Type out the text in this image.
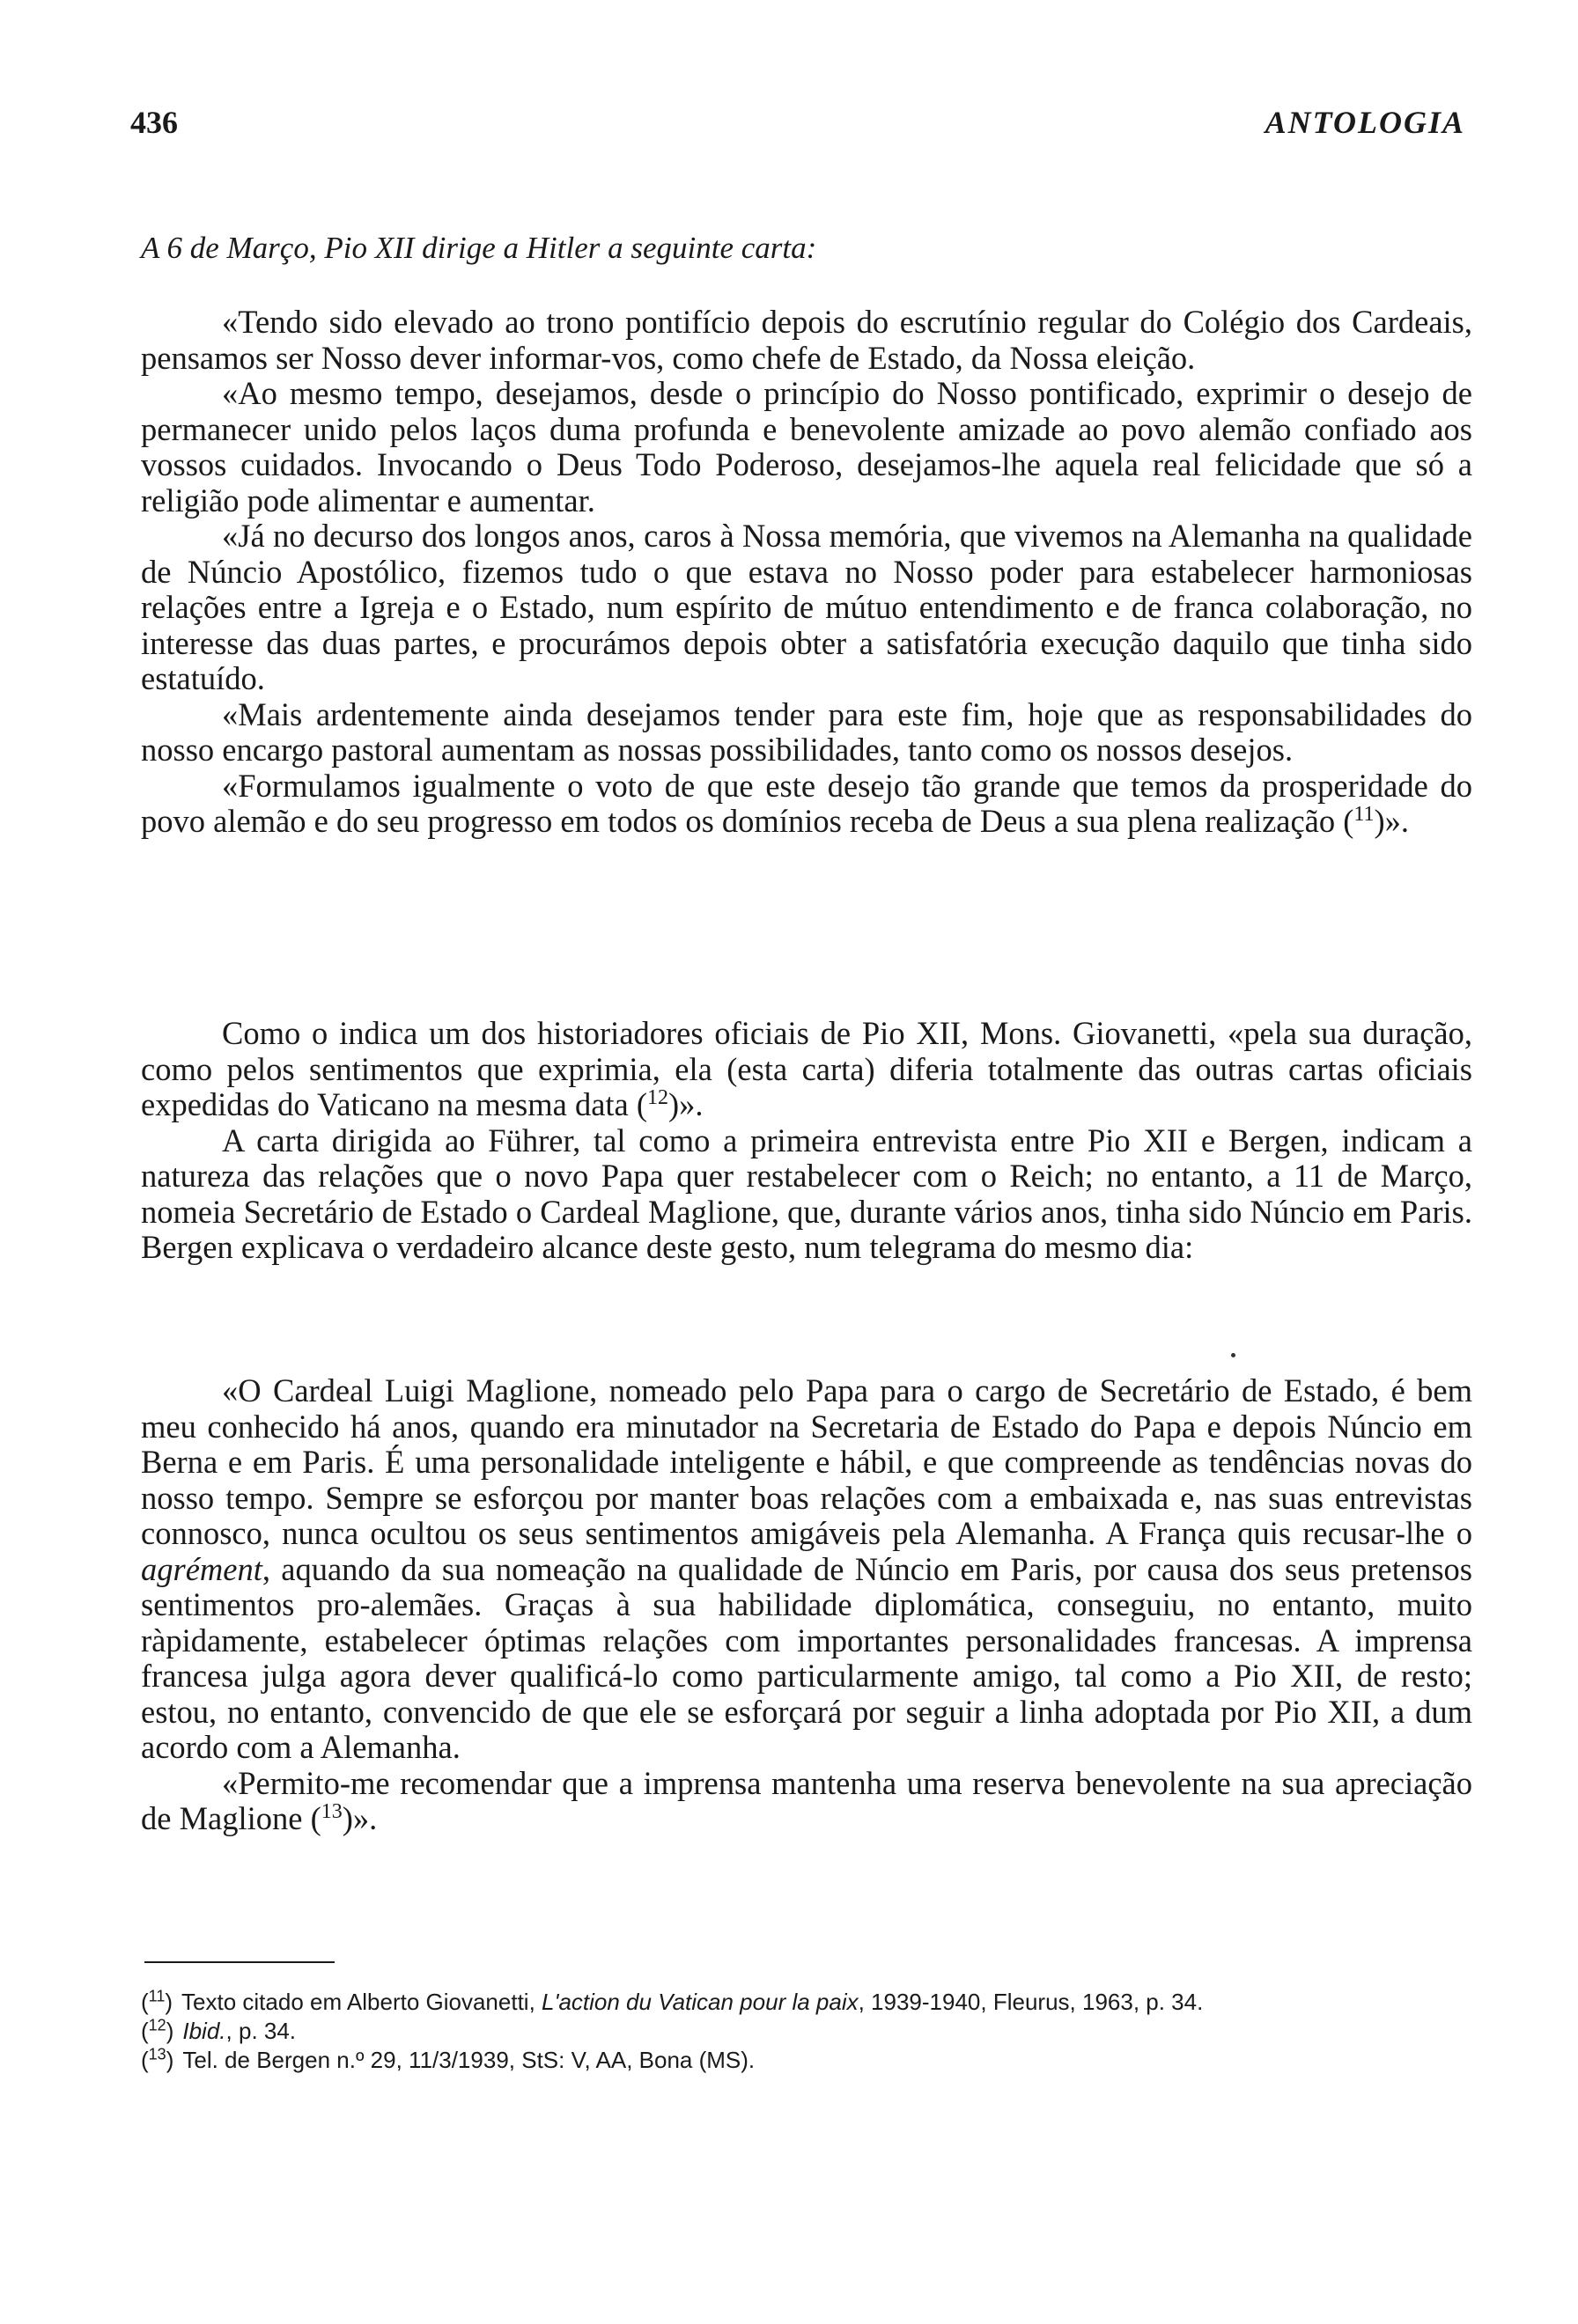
436	ANTOLOGIA
A 6 de Março, Pio XII dirige a Hitler a seguinte carta:

«Tendo sido elevado ao trono pontifício depois do escrutínio regular do Colégio dos Cardeais, pensamos ser Nosso dever informar-vos, como chefe de Estado, da Nossa eleição.

«Ao mesmo tempo, desejamos, desde o princípio do Nosso pontificado, exprimir o desejo de permanecer unido pelos laços duma profunda e benevolente amizade ao povo alemão confiado aos vossos cuidados. Invocando o Deus Todo Poderoso, desejamos-lhe aquela real felicidade que só a religião pode alimentar e aumentar.

«Já no decurso dos longos anos, caros à Nossa memória, que vivemos na Alemanha na qualidade de Núncio Apostólico, fizemos tudo o que estava no Nosso poder para estabelecer harmoniosas relações entre a Igreja e o Estado, num espírito de mútuo entendimento e de franca colaboração, no interesse das duas partes, e procurámos depois obter a satisfatória execução daquilo que tinha sido estatuído.

«Mais ardentemente ainda desejamos tender para este fim, hoje que as responsabilidades do nosso encargo pastoral aumentam as nossas possibilidades, tanto como os nossos desejos.

«Formulamos igualmente o voto de que este desejo tão grande que temos da prosperidade do povo alemão e do seu progresso em todos os domínios receba de Deus a sua plena realização ($^{11}$)».

Como o indica um dos historiadores oficiais de Pio XII, Mons. Giovanetti, «pela sua duração, como pelos sentimentos que exprimia, ela (esta carta) diferia totalmente das outras cartas oficiais expedidas do Vaticano na mesma data ($^{12}$)».

A carta dirigida ao Führer, tal como a primeira entrevista entre Pio XII e Bergen, indicam a natureza das relações que o novo Papa quer restabelecer com o Reich; no entanto, a 11 de Março, nomeia Secretário de Estado o Cardeal Maglione, que, durante vários anos, tinha sido Núncio em Paris. Bergen explicava o verdadeiro alcance deste gesto, num telegrama do mesmo dia:

«O Cardeal Luigi Maglione, nomeado pelo Papa para o cargo de Secretário de Estado, é bem meu conhecido há anos, quando era minutador na Secretaria de Estado do Papa e depois Núncio em Berna e em Paris. É uma personalidade inteligente e hábil, e que compreende as tendências novas do nosso tempo. Sempre se esforçou por manter boas relações com a embaixada e, nas suas entrevistas connosco, nunca ocultou os seus sentimentos amigáveis pela Alemanha. A França quis recusar-lhe o agrément, aquando da sua nomeação na qualidade de Núncio em Paris, por causa dos seus pretensos sentimentos pro-alemães. Graças à sua habilidade diplomática, conseguiu, no entanto, muito ràpidamente, estabelecer óptimas relações com importantes personalidades francesas. A imprensa francesa julga agora dever qualificá-lo como particularmente amigo, tal como a Pio XII, de resto; estou, no entanto, convencido de que ele se esforçará por seguir a linha adoptada por Pio XII, a dum acordo com a Alemanha.

«Permito-me recomendar que a imprensa mantenha uma reserva benevolente na sua apreciação de Maglione ($^{13}$)».

($^{11}$) Texto citado em Alberto Giovanetti, L'action du Vatican pour la paix, 1939-1940, Fleurus, 1963, p. 34.

($^{12}$) Ibid., p. 34.

($^{13}$) Tel. de Bergen n.º 29, 11/3/1939, StS: V, AA, Bona (MS).
